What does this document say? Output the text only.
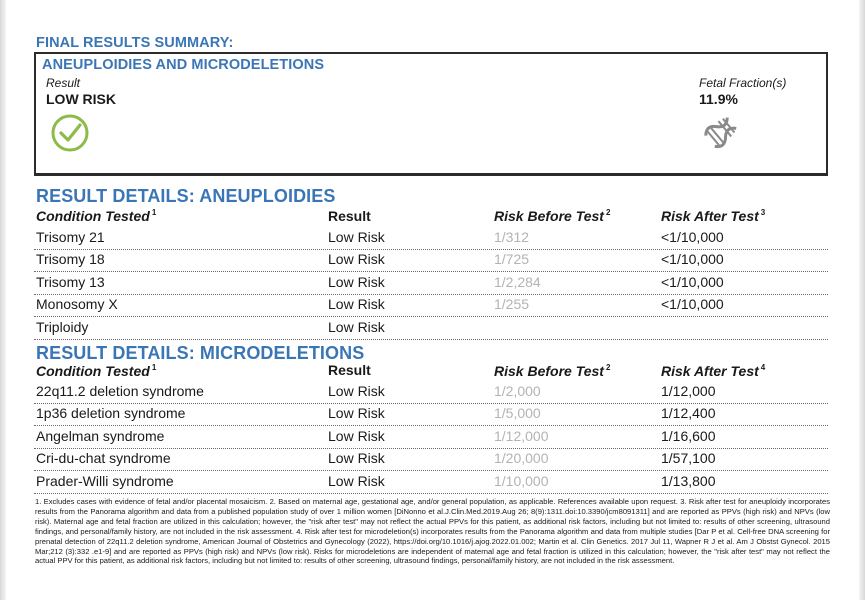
FINAL RESULTS SUMMARY:
ANEUPLOIDIES AND MICRODELETIONS
Result
LOW RISK
Fetal Fraction(s)
11.9%
RESULT DETAILS: ANEUPLOIDIES
Condition Tested $^1$	Result	Risk Before Test $^2$	Risk After Test $^3$
Trisomy 21	Low Risk	1/312	<1/10,000
Trisomy 18	Low Risk	1/725	<1/10,000
Trisomy 13	Low Risk	1/2,284	<1/10,000
Monosomy X	Low Risk	1/255	<1/10,000
Triploidy	Low Risk
RESULT DETAILS: MICRODELETIONS
Condition Tested $^1$	Result	Risk Before Test $^2$	Risk After Test $^4$
22q11.2 deletion syndrome	Low Risk	1/2,000	1/12,000
1p36 deletion syndrome	Low Risk	1/5,000	1/12,400
Angelman syndrome	Low Risk	1/12,000	1/16,600
Cri-du-chat syndrome	Low Risk	1/20,000	1/57,100
Prader-Willi syndrome	Low Risk	1/10,000	1/13,800
1. Excludes cases with evidence of fetal and/or placental mosaicism. 2. Based on maternal age, gestational age, and/or general population, as applicable. References available upon request. 3. Risk after test for aneuploidy incorporates results from the Panorama algorithm and data from a published population study of over 1 million women [DiNonno et al.J.Clin.Med.2019.Aug 26; 8(9):1311.doi:10.3390/jcm8091311] and are reported as PPVs (high risk) and NPVs (low risk). Maternal age and fetal fraction are utilized in this calculation; however, the "risk after test" may not reflect the actual PPVs for this patient, as additional risk factors, including but not limited to: results of other screening, ultrasound findings, and personal/family history, are not included in the risk assessment. 4. Risk after test for microdeletion(s) incorporates results from the Panorama algorithm and data from multiple studies [Dar P et al. Cell-free DNA screening for prenatal detection of 22q11.2 deletion syndrome, American Journal of Obstetrics and Gynecology (2022), https://doi.org/10.1016/j.ajog.2022.01.002; Martin et al. Clin Genetics. 2017 Jul 11, Wapner R J et al. Am J Obstst Gynecol. 2015 Mar;212 (3):332 .e1-9] and are reported as PPVs (high risk) and NPVs (low risk). Risks for microdeletions are independent of maternal age and fetal fraction is utilized in this calculation; however, the "risk after test" may not reflect the actual PPV for this patient, as additional risk factors, including but not limited to: results of other screening, ultrasound findings, personal/family history, are not included in the risk assessment.
